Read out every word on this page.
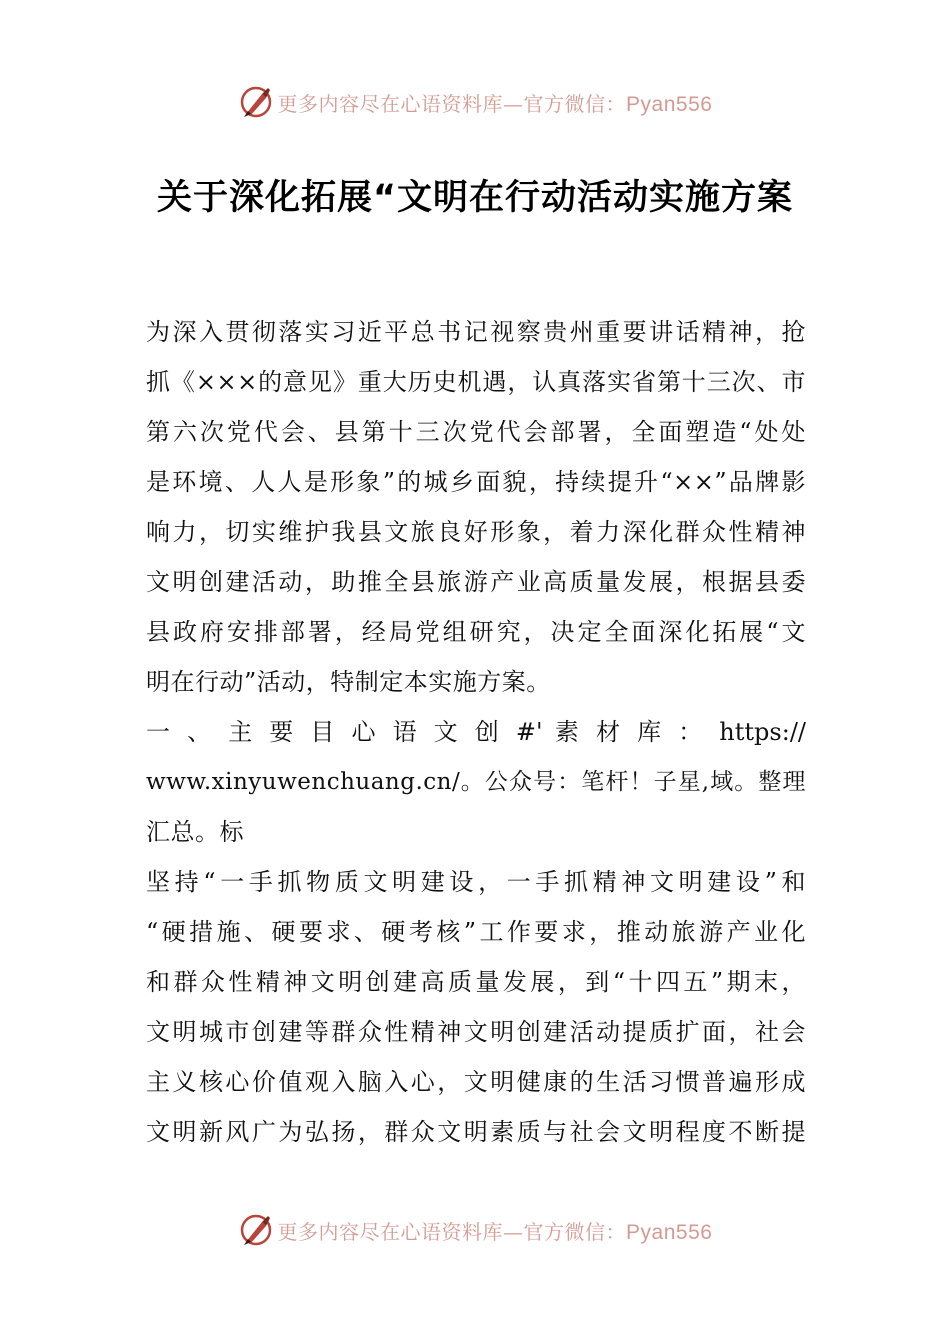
更多内容尽在心语资料库—官方微信：Pyan556
关于深化拓展“文明在行动活动实施方案
为深入贯彻落实习近平总书记视察贵州重要讲话精神，抢
抓《×××的意见》重大历史机遇，认真落实省第十三次、市
第六次党代会、县第十三次党代会部署，全面塑造“处处
是环境、人人是形象”的城乡面貌，持续提升“××”品牌影
响力，切实维护我县文旅良好形象，着力深化群众性精神
文明创建活动，助推全县旅游产业高质量发展，根据县委
县政府安排部署，经局党组研究，决定全面深化拓展“文
明在行动”活动，特制定本实施方案。
一 、 主 要 目 心 语 文 创 #' 素 材 库 ： https://
www.xinyuwenchuang.cn/。公众号：笔杆！子星,域。整理
汇总。标
坚持“一手抓物质文明建设，一手抓精神文明建设”和
“硬措施、硬要求、硬考核”工作要求，推动旅游产业化
和群众性精神文明创建高质量发展，到“十四五”期末，
文明城市创建等群众性精神文明创建活动提质扩面，社会
主义核心价值观入脑入心，文明健康的生活习惯普遍形成
文明新风广为弘扬，群众文明素质与社会文明程度不断提
更多内容尽在心语资料库—官方微信：Pyan556
